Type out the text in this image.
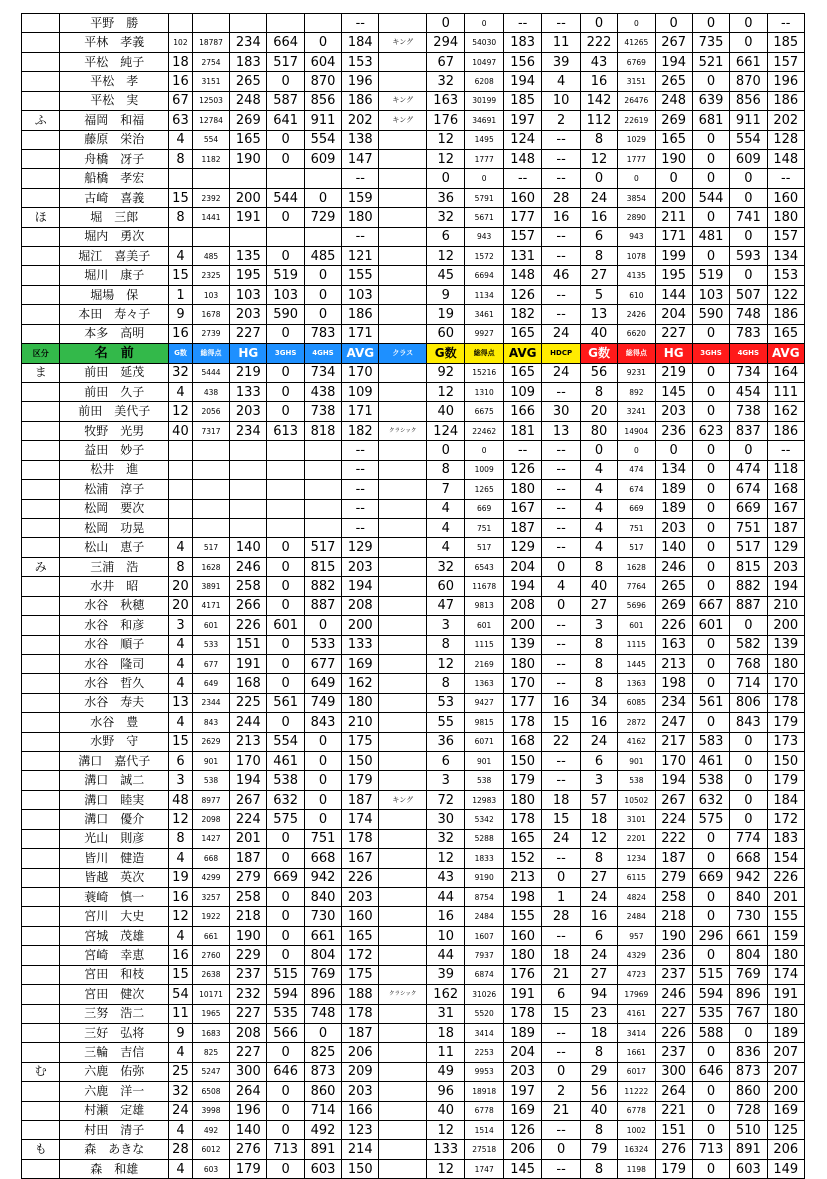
	平野　勝						--		0	0	--	--	0	0	0	0	0	--
	平林　孝義	102	18787	234	664	0	184	キング	294	54030	183	11	222	41265	267	735	0	185
	平松　純子	18	2754	183	517	604	153		67	10497	156	39	43	6769	194	521	661	157
	平松　孝	16	3151	265	0	870	196		32	6208	194	4	16	3151	265	0	870	196
	平松　実	67	12503	248	587	856	186	キング	163	30199	185	10	142	26476	248	639	856	186
ふ	福岡　和福	63	12784	269	641	911	202	キング	176	34691	197	2	112	22619	269	681	911	202
	藤原　栄治	4	554	165	0	554	138		12	1495	124	--	8	1029	165	0	554	128
	舟橋　冴子	8	1182	190	0	609	147		12	1777	148	--	12	1777	190	0	609	148
	船橋　孝宏						--		0	0	--	--	0	0	0	0	0	--
	古崎　喜義	15	2392	200	544	0	159		36	5791	160	28	24	3854	200	544	0	160
ほ	堀　三郎	8	1441	191	0	729	180		32	5671	177	16	16	2890	211	0	741	180
	堀内　勇次						--		6	943	157	--	6	943	171	481	0	157
	堀江　喜美子	4	485	135	0	485	121		12	1572	131	--	8	1078	199	0	593	134
	堀川　康子	15	2325	195	519	0	155		45	6694	148	46	27	4135	195	519	0	153
	堀場　保	1	103	103	103	0	103		9	1134	126	--	5	610	144	103	507	122
	本田　寿々子	9	1678	203	590	0	186		19	3461	182	--	13	2426	204	590	748	186
	本多　高明	16	2739	227	0	783	171		60	9927	165	24	40	6620	227	0	783	165
区分	名　前	G数	総得点	HG	3GHS	4GHS	AVG	クラス	G数	総得点	AVG	HDCP	G数	総得点	HG	3GHS	4GHS	AVG
ま	前田　延茂	32	5444	219	0	734	170		92	15216	165	24	56	9231	219	0	734	164
	前田　久子	4	438	133	0	438	109		12	1310	109	--	8	892	145	0	454	111
	前田　美代子	12	2056	203	0	738	171		40	6675	166	30	20	3241	203	0	738	162
	牧野　光男	40	7317	234	613	818	182	クラシック	124	22462	181	13	80	14904	236	623	837	186
	益田　妙子						--		0	0	--	--	0	0	0	0	0	--
	松井　進						--		8	1009	126	--	4	474	134	0	474	118
	松浦　淳子						--		7	1265	180	--	4	674	189	0	674	168
	松岡　要次						--		4	669	167	--	4	669	189	0	669	167
	松岡　功晃						--		4	751	187	--	4	751	203	0	751	187
	松山　恵子	4	517	140	0	517	129		4	517	129	--	4	517	140	0	517	129
み	三浦　浩	8	1628	246	0	815	203		32	6543	204	0	8	1628	246	0	815	203
	水井　昭	20	3891	258	0	882	194		60	11678	194	4	40	7764	265	0	882	194
	水谷　秋穂	20	4171	266	0	887	208		47	9813	208	0	27	5696	269	667	887	210
	水谷　和彦	3	601	226	601	0	200		3	601	200	--	3	601	226	601	0	200
	水谷　順子	4	533	151	0	533	133		8	1115	139	--	8	1115	163	0	582	139
	水谷　隆司	4	677	191	0	677	169		12	2169	180	--	8	1445	213	0	768	180
	水谷　哲久	4	649	168	0	649	162		8	1363	170	--	8	1363	198	0	714	170
	水谷　寿夫	13	2344	225	561	749	180		53	9427	177	16	34	6085	234	561	806	178
	水谷　豊	4	843	244	0	843	210		55	9815	178	15	16	2872	247	0	843	179
	水野　守	15	2629	213	554	0	175		36	6071	168	22	24	4162	217	583	0	173
	溝口　嘉代子	6	901	170	461	0	150		6	901	150	--	6	901	170	461	0	150
	溝口　誠二	3	538	194	538	0	179		3	538	179	--	3	538	194	538	0	179
	溝口　睦実	48	8977	267	632	0	187	キング	72	12983	180	18	57	10502	267	632	0	184
	溝口　優介	12	2098	224	575	0	174		30	5342	178	15	18	3101	224	575	0	172
	光山　則彦	8	1427	201	0	751	178		32	5288	165	24	12	2201	222	0	774	183
	皆川　健造	4	668	187	0	668	167		12	1833	152	--	8	1234	187	0	668	154
	皆越　英次	19	4299	279	669	942	226		43	9190	213	0	27	6115	279	669	942	226
	蓑崎　慎一	16	3257	258	0	840	203		44	8754	198	1	24	4824	258	0	840	201
	宮川　大史	12	1922	218	0	730	160		16	2484	155	28	16	2484	218	0	730	155
	宮城　茂雄	4	661	190	0	661	165		10	1607	160	--	6	957	190	296	661	159
	宮崎　幸恵	16	2760	229	0	804	172		44	7937	180	18	24	4329	236	0	804	180
	宮田　和枝	15	2638	237	515	769	175		39	6874	176	21	27	4723	237	515	769	174
	宮田　健次	54	10171	232	594	896	188	クラシック	162	31026	191	6	94	17969	246	594	896	191
	三努　浩二	11	1965	227	535	748	178		31	5520	178	15	23	4161	227	535	767	180
	三好　弘将	9	1683	208	566	0	187		18	3414	189	--	18	3414	226	588	0	189
	三輪　吉信	4	825	227	0	825	206		11	2253	204	--	8	1661	237	0	836	207
む	六鹿　佑弥	25	5247	300	646	873	209		49	9953	203	0	29	6017	300	646	873	207
	六鹿　洋一	32	6508	264	0	860	203		96	18918	197	2	56	11222	264	0	860	200
	村瀬　定雄	24	3998	196	0	714	166		40	6778	169	21	40	6778	221	0	728	169
	村田　清子	4	492	140	0	492	123		12	1514	126	--	8	1002	151	0	510	125
も	森　あきな	28	6012	276	713	891	214		133	27518	206	0	79	16324	276	713	891	206
	森　和雄	4	603	179	0	603	150		12	1747	145	--	8	1198	179	0	603	149
